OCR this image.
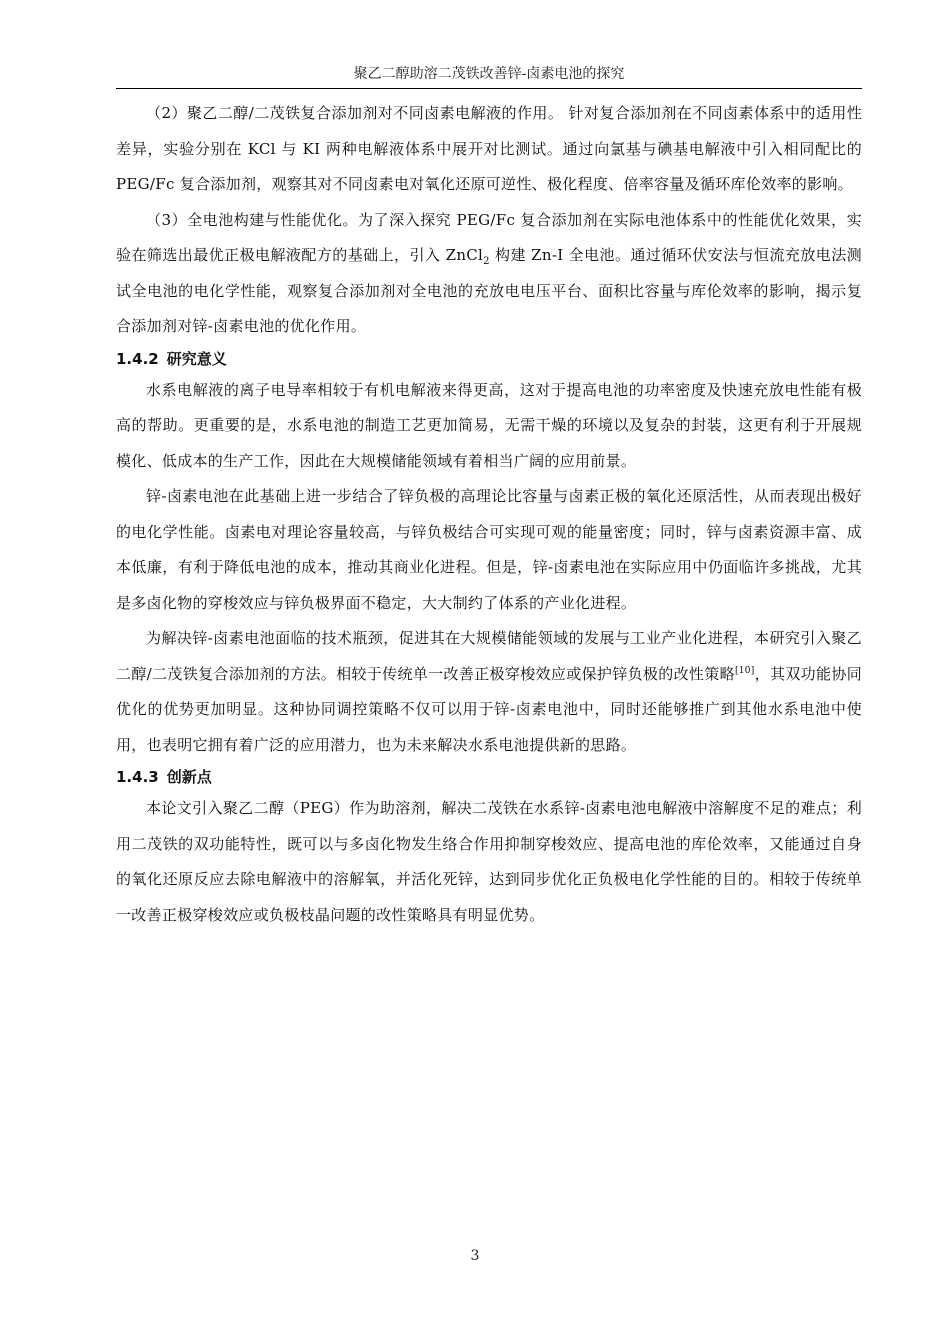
聚乙二醇助溶二茂铁改善锌-卤素电池的探究

（2）聚乙二醇/二茂铁复合添加剂对不同卤素电解液的作用。 针对复合添加剂在不同卤素体系中的适用性差异，实验分别在 KCl 与 KI 两种电解液体系中展开对比测试。通过向氯基与碘基电解液中引入相同配比的 PEG/Fc 复合添加剂，观察其对不同卤素电对氧化还原可逆性、极化程度、倍率容量及循环库伦效率的影响。

（3）全电池构建与性能优化。为了深入探究 PEG/Fc 复合添加剂在实际电池体系中的性能优化效果，实验在筛选出最优正极电解液配方的基础上，引入 ZnCl$_2$ 构建 Zn-I 全电池。通过循环伏安法与恒流充放电法测试全电池的电化学性能，观察复合添加剂对全电池的充放电电压平台、面积比容量与库伦效率的影响，揭示复合添加剂对锌-卤素电池的优化作用。

1.4.2 研究意义

水系电解液的离子电导率相较于有机电解液来得更高，这对于提高电池的功率密度及快速充放电性能有极高的帮助。更重要的是，水系电池的制造工艺更加简易，无需干燥的环境以及复杂的封装，这更有利于开展规模化、低成本的生产工作，因此在大规模储能领域有着相当广阔的应用前景。

锌-卤素电池在此基础上进一步结合了锌负极的高理论比容量与卤素正极的氧化还原活性，从而表现出极好的电化学性能。卤素电对理论容量较高，与锌负极结合可实现可观的能量密度；同时，锌与卤素资源丰富、成本低廉，有利于降低电池的成本，推动其商业化进程。但是，锌-卤素电池在实际应用中仍面临许多挑战，尤其是多卤化物的穿梭效应与锌负极界面不稳定，大大制约了体系的产业化进程。

为解决锌-卤素电池面临的技术瓶颈，促进其在大规模储能领域的发展与工业产业化进程，本研究引入聚乙二醇/二茂铁复合添加剂的方法。相较于传统单一改善正极穿梭效应或保护锌负极的改性策略[10]，其双功能协同优化的优势更加明显。这种协同调控策略不仅可以用于锌-卤素电池中，同时还能够推广到其他水系电池中使用，也表明它拥有着广泛的应用潜力，也为未来解决水系电池提供新的思路。

1.4.3 创新点

本论文引入聚乙二醇（PEG）作为助溶剂，解决二茂铁在水系锌-卤素电池电解液中溶解度不足的难点；利用二茂铁的双功能特性，既可以与多卤化物发生络合作用抑制穿梭效应、提高电池的库伦效率，又能通过自身的氧化还原反应去除电解液中的溶解氧，并活化死锌，达到同步优化正负极电化学性能的目的。相较于传统单一改善正极穿梭效应或负极枝晶问题的改性策略具有明显优势。

3
